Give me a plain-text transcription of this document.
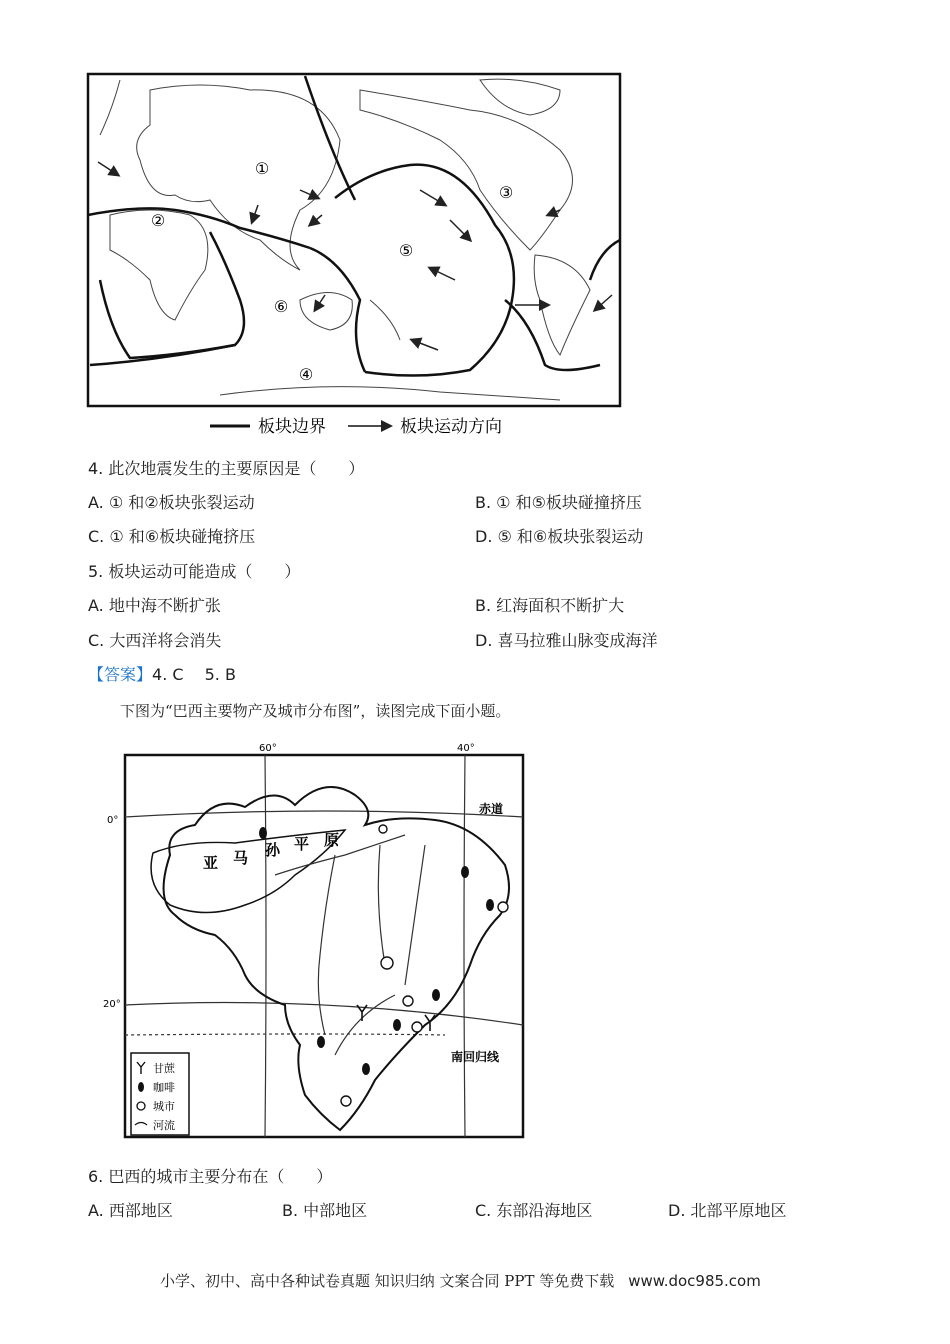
①
②
③
④
⑤
⑥
板块边界	板块运动方向
4. 此次地震发生的主要原因是（　　）
A. ① 和②板块张裂运动	B. ① 和⑤板块碰撞挤压
C. ① 和⑥板块碰掩挤压	D. ⑤ 和⑥板块张裂运动
5. 板块运动可能造成（　　）
A. 地中海不断扩张	B. 红海面积不断扩大
C. 大西洋将会消失	D. 喜马拉雅山脉变成海洋
【答案】4. C　 5. B
下图为“巴西主要物产及城市分布图”，读图完成下面小题。
亚 马 孙 平 原
60°	40°
0°
20°
赤道
南回归线
甘蔗
咖啡
城市
河流
6. 巴西的城市主要分布在（　　）
A. 西部地区	B. 中部地区	C. 东部沿海地区	D. 北部平原地区
小学、初中、高中各种试卷真题 知识归纳 文案合同 PPT 等免费下载 www.doc985.com
